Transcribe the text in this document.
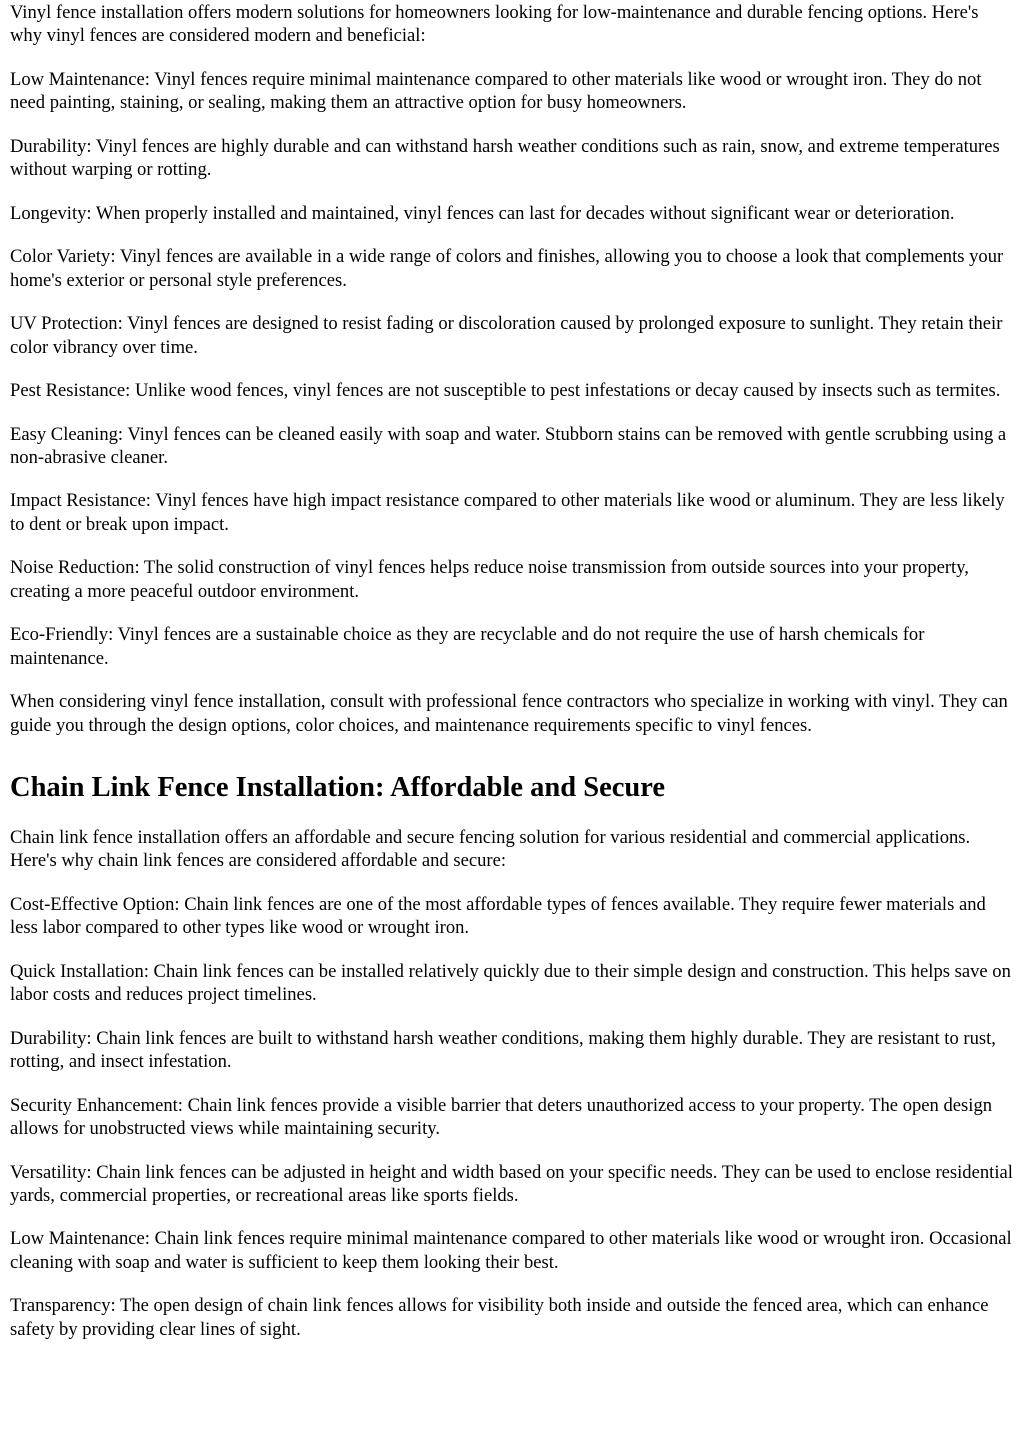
Vinyl fence installation offers modern solutions for homeowners looking for low-maintenance and durable fencing options. Here's why vinyl fences are considered modern and beneficial:

Low Maintenance: Vinyl fences require minimal maintenance compared to other materials like wood or wrought iron. They do not need painting, staining, or sealing, making them an attractive option for busy homeowners.

Durability: Vinyl fences are highly durable and can withstand harsh weather conditions such as rain, snow, and extreme temperatures without warping or rotting.

Longevity: When properly installed and maintained, vinyl fences can last for decades without significant wear or deterioration.

Color Variety: Vinyl fences are available in a wide range of colors and finishes, allowing you to choose a look that complements your home's exterior or personal style preferences.

UV Protection: Vinyl fences are designed to resist fading or discoloration caused by prolonged exposure to sunlight. They retain their color vibrancy over time.

Pest Resistance: Unlike wood fences, vinyl fences are not susceptible to pest infestations or decay caused by insects such as termites.

Easy Cleaning: Vinyl fences can be cleaned easily with soap and water. Stubborn stains can be removed with gentle scrubbing using a non-abrasive cleaner.

Impact Resistance: Vinyl fences have high impact resistance compared to other materials like wood or aluminum. They are less likely to dent or break upon impact.

Noise Reduction: The solid construction of vinyl fences helps reduce noise transmission from outside sources into your property, creating a more peaceful outdoor environment.

Eco-Friendly: Vinyl fences are a sustainable choice as they are recyclable and do not require the use of harsh chemicals for maintenance.

When considering vinyl fence installation, consult with professional fence contractors who specialize in working with vinyl. They can guide you through the design options, color choices, and maintenance requirements specific to vinyl fences.

Chain Link Fence Installation: Affordable and Secure

Chain link fence installation offers an affordable and secure fencing solution for various residential and commercial applications. Here's why chain link fences are considered affordable and secure:

Cost-Effective Option: Chain link fences are one of the most affordable types of fences available. They require fewer materials and less labor compared to other types like wood or wrought iron.

Quick Installation: Chain link fences can be installed relatively quickly due to their simple design and construction. This helps save on labor costs and reduces project timelines.

Durability: Chain link fences are built to withstand harsh weather conditions, making them highly durable. They are resistant to rust, rotting, and insect infestation.

Security Enhancement: Chain link fences provide a visible barrier that deters unauthorized access to your property. The open design allows for unobstructed views while maintaining security.

Versatility: Chain link fences can be adjusted in height and width based on your specific needs. They can be used to enclose residential yards, commercial properties, or recreational areas like sports fields.

Low Maintenance: Chain link fences require minimal maintenance compared to other materials like wood or wrought iron. Occasional cleaning with soap and water is sufficient to keep them looking their best.

Transparency: The open design of chain link fences allows for visibility both inside and outside the fenced area, which can enhance safety by providing clear lines of sight.
